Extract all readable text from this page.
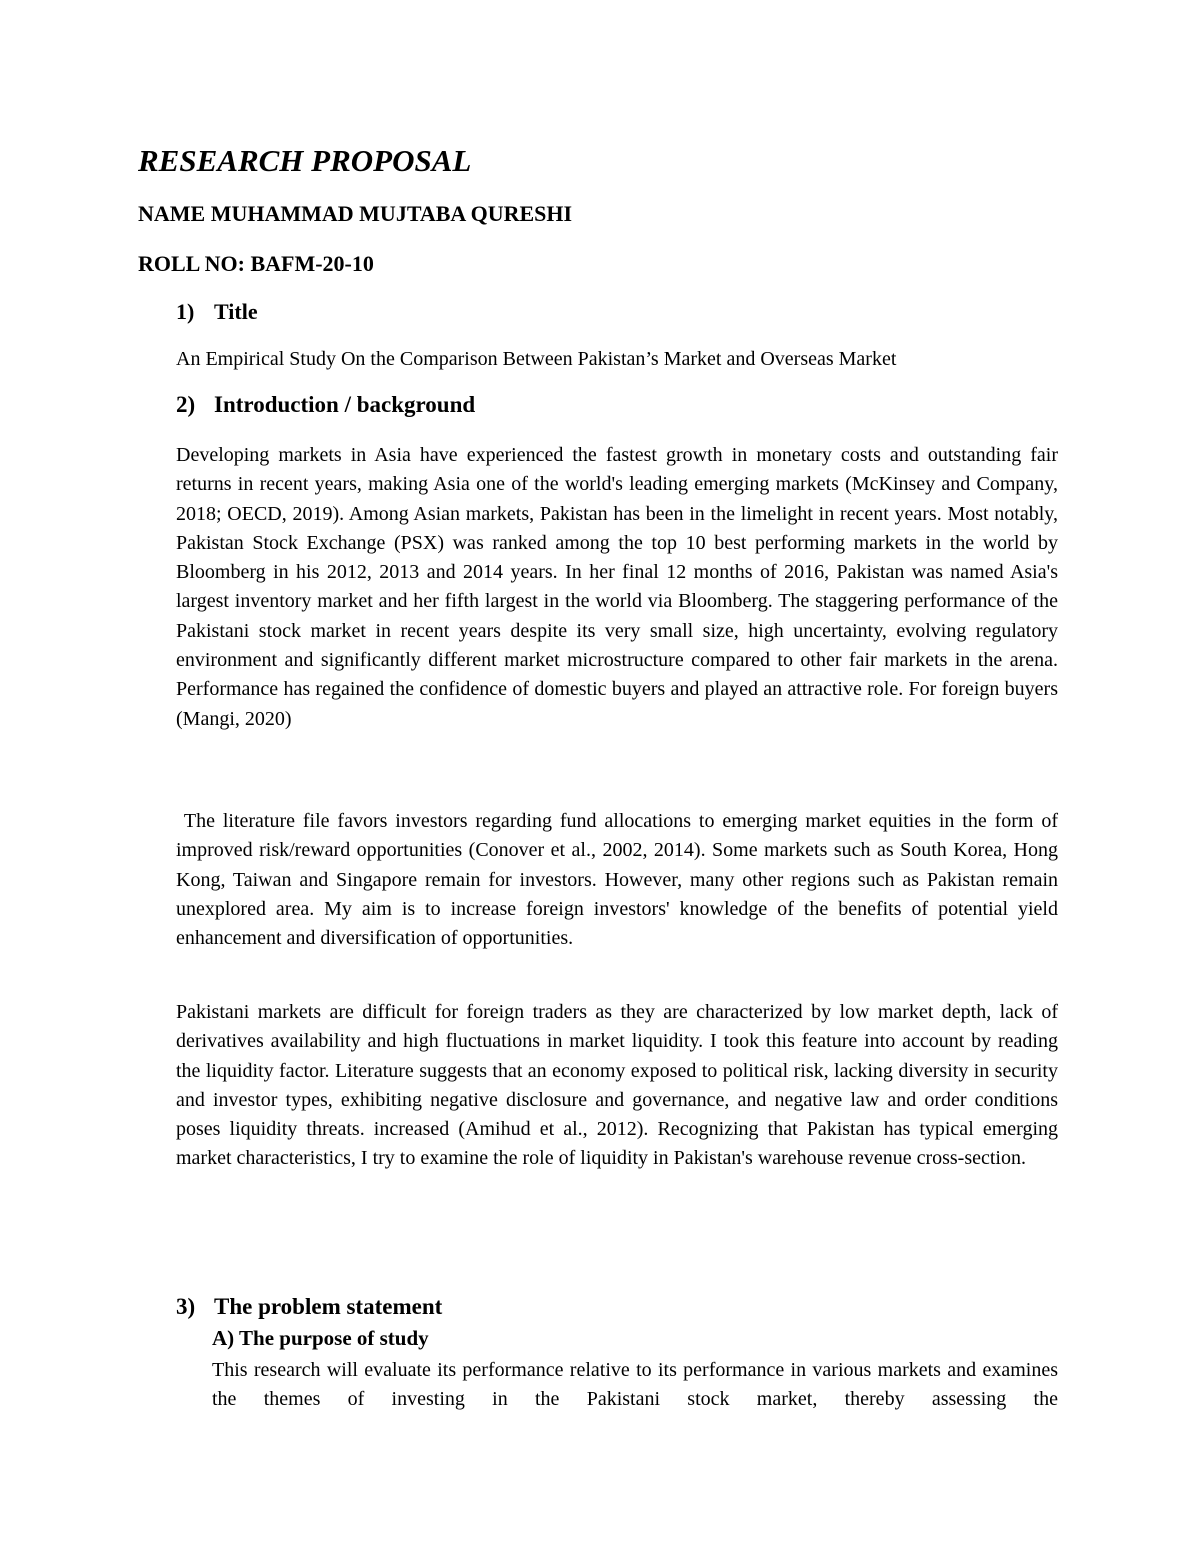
RESEARCH PROPOSAL

NAME MUHAMMAD MUJTABA QURESHI

ROLL NO: BAFM-20-10

1) Title

An Empirical Study On the Comparison Between Pakistan’s Market and Overseas Market

2) Introduction / background

Developing markets in Asia have experienced the fastest growth in monetary costs and outstanding fair returns in recent years, making Asia one of the world's leading emerging markets (McKinsey and Company, 2018; OECD, 2019). Among Asian markets, Pakistan has been in the limelight in recent years. Most notably, Pakistan Stock Exchange (PSX) was ranked among the top 10 best performing markets in the world by Bloomberg in his 2012, 2013 and 2014 years. In her final 12 months of 2016, Pakistan was named Asia's largest inventory market and her fifth largest in the world via Bloomberg. The staggering performance of the Pakistani stock market in recent years despite its very small size, high uncertainty, evolving regulatory environment and significantly different market microstructure compared to other fair markets in the arena. Performance has regained the confidence of domestic buyers and played an attractive role. For foreign buyers (Mangi, 2020)

The literature file favors investors regarding fund allocations to emerging market equities in the form of improved risk/reward opportunities (Conover et al., 2002, 2014). Some markets such as South Korea, Hong Kong, Taiwan and Singapore remain for investors. However, many other regions such as Pakistan remain unexplored area. My aim is to increase foreign investors' knowledge of the benefits of potential yield enhancement and diversification of opportunities.

Pakistani markets are difficult for foreign traders as they are characterized by low market depth, lack of derivatives availability and high fluctuations in market liquidity. I took this feature into account by reading the liquidity factor. Literature suggests that an economy exposed to political risk, lacking diversity in security and investor types, exhibiting negative disclosure and governance, and negative law and order conditions poses liquidity threats. increased (Amihud et al., 2012). Recognizing that Pakistan has typical emerging market characteristics, I try to examine the role of liquidity in Pakistan's warehouse revenue cross-section.

3) The problem statement
A) The purpose of study

This research will evaluate its performance relative to its performance in various markets and examines the themes of investing in the Pakistani stock market, thereby assessing the
